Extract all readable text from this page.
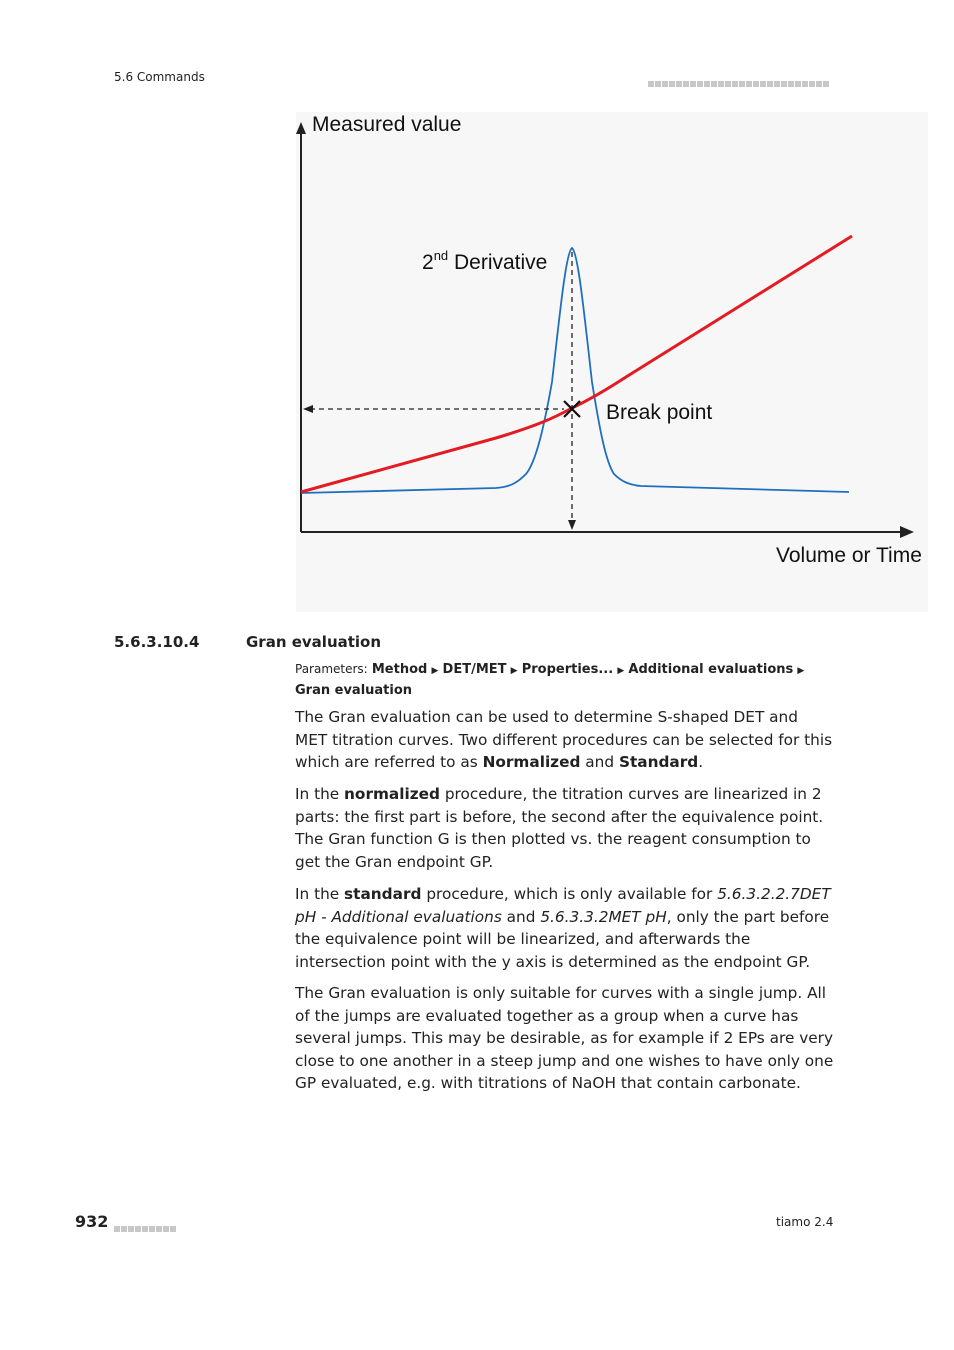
5.6 Commands
Measured value
Volume or Time
2nd Derivative
Break point
5.6.3.10.4	Gran evaluation
Parameters: Method ▶ DET/MET ▶ Properties... ▶ Additional evaluations ▶ Gran evaluation
The Gran evaluation can be used to determine S-shaped DET and MET titration curves. Two different procedures can be selected for this which are referred to as Normalized and Standard.
In the normalized procedure, the titration curves are linearized in 2 parts: the first part is before, the second after the equivalence point. The Gran function G is then plotted vs. the reagent consumption to get the Gran endpoint GP.
In the standard procedure, which is only available for 5.6.3.2.2.7DET pH - Additional evaluations and 5.6.3.3.2MET pH, only the part before the equivalence point will be linearized, and afterwards the intersection point with the y axis is determined as the endpoint GP.
The Gran evaluation is only suitable for curves with a single jump. All of the jumps are evaluated together as a group when a curve has several jumps. This may be desirable, as for example if 2 EPs are very close to one another in a steep jump and one wishes to have only one GP evaluated, e.g. with titrations of NaOH that contain carbonate.
932	tiamo 2.4
